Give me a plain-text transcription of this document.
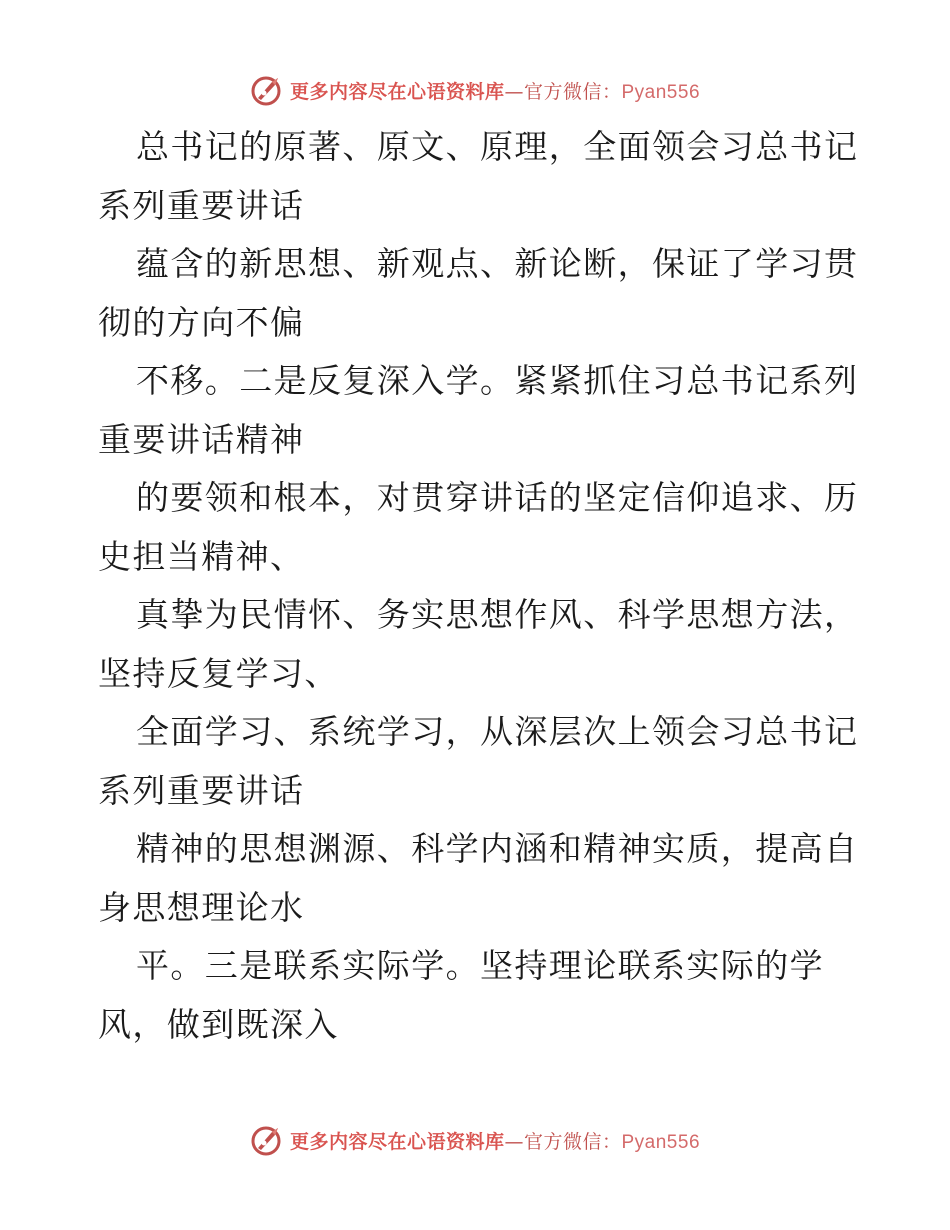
更多内容尽在心语资料库—官方微信：Pyan556
总书记的原著、原文、原理，全面领会习总书记
系列重要讲话
蕴含的新思想、新观点、新论断，保证了学习贯
彻的方向不偏
不移。二是反复深入学。紧紧抓住习总书记系列
重要讲话精神
的要领和根本，对贯穿讲话的坚定信仰追求、历
史担当精神、
真挚为民情怀、务实思想作风、科学思想方法，
坚持反复学习、
全面学习、系统学习，从深层次上领会习总书记
系列重要讲话
精神的思想渊源、科学内涵和精神实质，提高自
身思想理论水
平。三是联系实际学。坚持理论联系实际的学
风，做到既深入
更多内容尽在心语资料库—官方微信：Pyan556
